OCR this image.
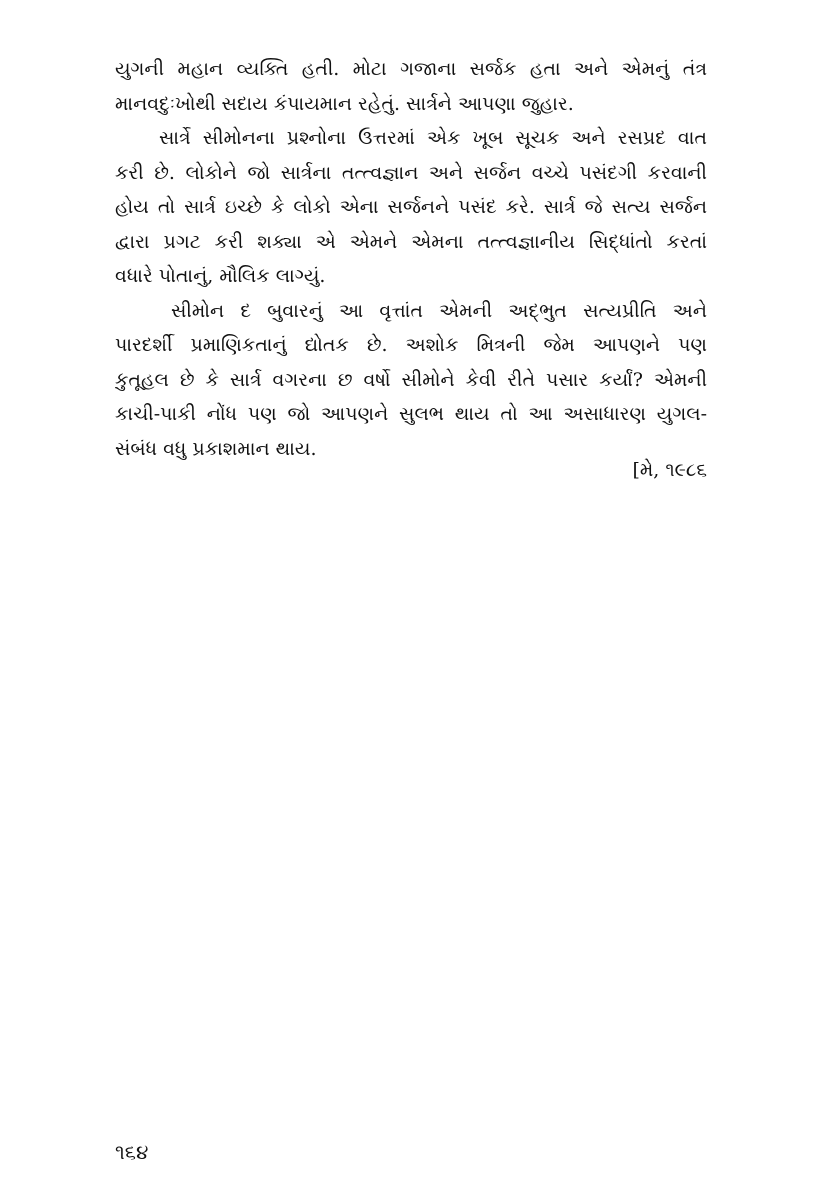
યુગની મહાન વ્યક્તિ હતી. મોટા ગજાના સર્જક હતા અને એમનું તંત્ર
માનવદુઃખોથી સદાય કંપાયમાન રહેતું. સાર્ત્રને આપણા જુહાર.
સાર્ત્રે સીમોનના પ્રશ્નોના ઉત્તરમાં એક ખૂબ સૂચક અને રસપ્રદ વાત
કરી છે. લોકોને જો સાર્ત્રના તત્ત્વજ્ઞાન અને સર્જન વચ્ચે પસંદગી કરવાની
હોય તો સાર્ત્ર ઇચ્છે કે લોકો એના સર્જનને પસંદ કરે. સાર્ત્ર જે સત્ય સર્જન
દ્વારા પ્રગટ કરી શક્યા એ એમને એમના તત્ત્વજ્ઞાનીય સિદ્ધાંતો કરતાં
વધારે પોતાનું, મૌલિક લાગ્યું.
સીમોન દ બુવારનું આ વૃત્તાંત એમની અદ્ભુત સત્યપ્રીતિ અને
પારદર્શી પ્રમાણિકતાનું દ્યોતક છે. અશોક મિત્રની જેમ આપણને પણ
કુતૂહલ છે કે સાર્ત્ર વગરના છ વર્ષો સીમોને કેવી રીતે પસાર કર્યાં? એમની
કાચી-પાકી નોંધ પણ જો આપણને સુલભ થાય તો આ અસાધારણ યુગલ-
સંબંધ વધુ પ્રકાશમાન થાય.
[મે, ૧૯૮૬
૧૬૪
